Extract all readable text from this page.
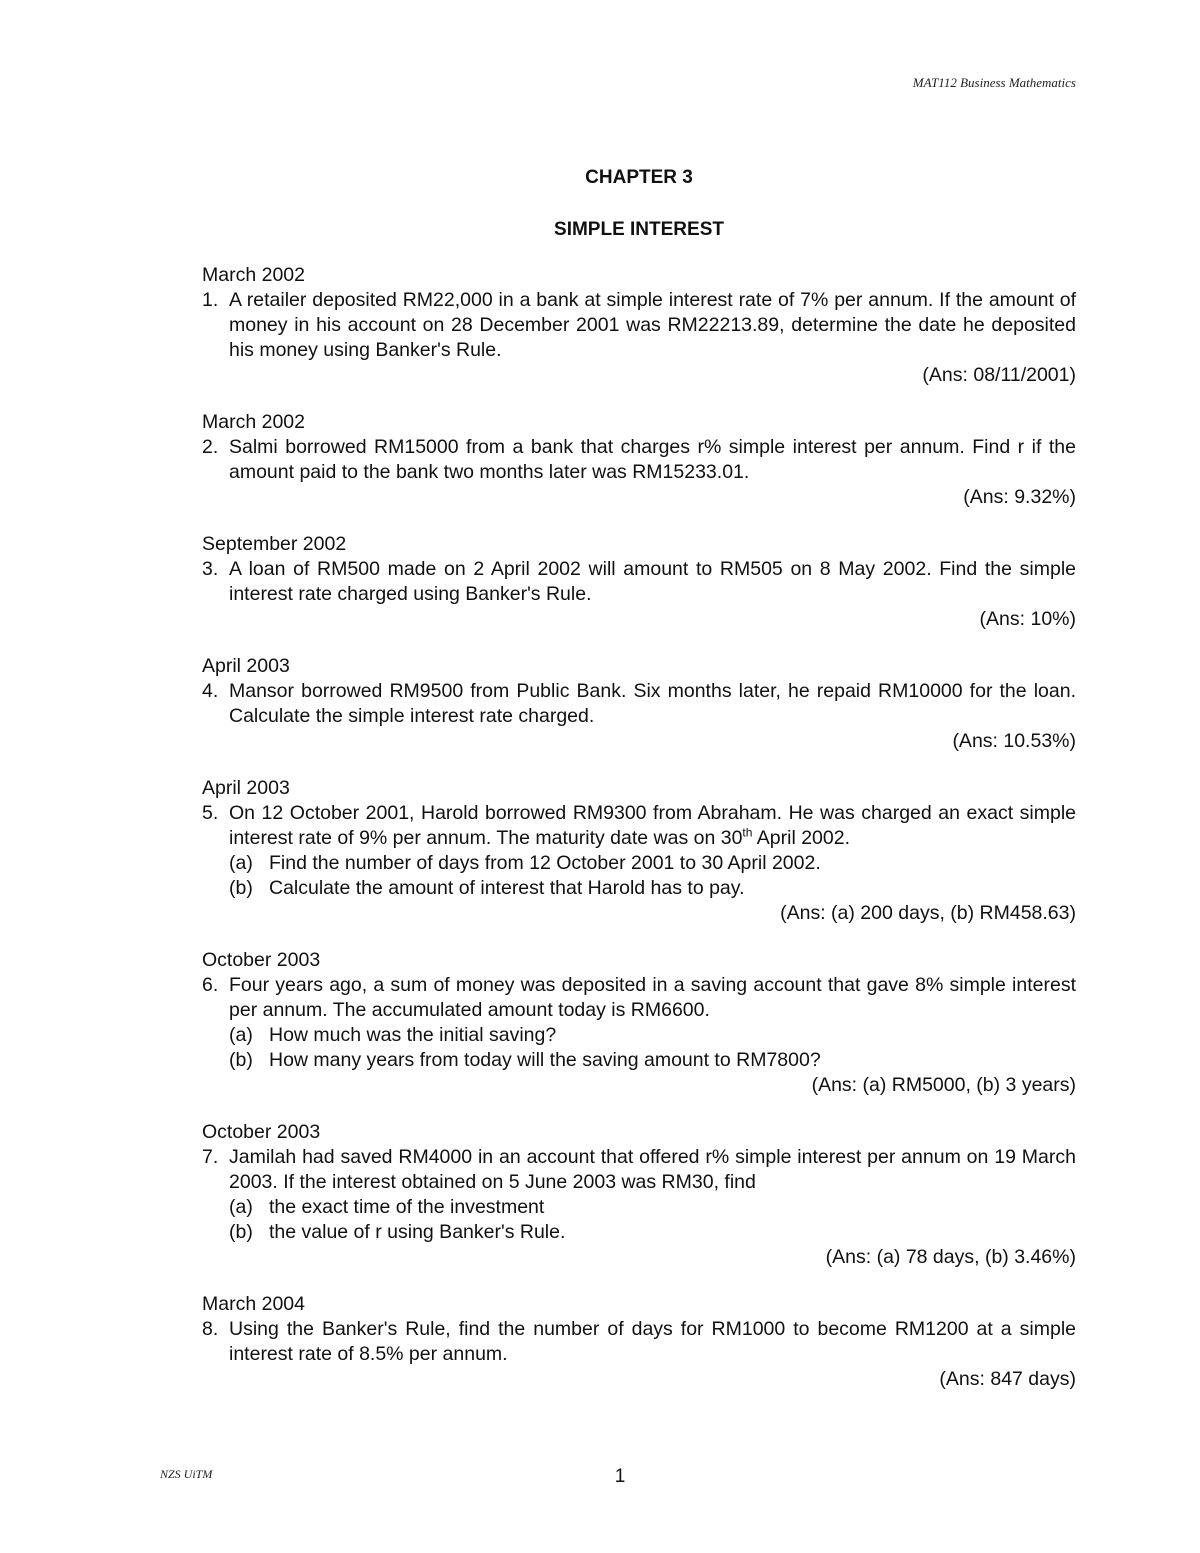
MAT112 Business Mathematics
CHAPTER 3
SIMPLE INTEREST
March 2002
1. A retailer deposited RM22,000 in a bank at simple interest rate of 7% per annum. If the amount of money in his account on 28 December 2001 was RM22213.89, determine the date he deposited his money using Banker's Rule.
(Ans: 08/11/2001)
March 2002
2. Salmi borrowed RM15000 from a bank that charges r% simple interest per annum. Find r if the amount paid to the bank two months later was RM15233.01.
(Ans: 9.32%)
September 2002
3. A loan of RM500 made on 2 April 2002 will amount to RM505 on 8 May 2002. Find the simple interest rate charged using Banker's Rule.
(Ans: 10%)
April 2003
4. Mansor borrowed RM9500 from Public Bank. Six months later, he repaid RM10000 for the loan. Calculate the simple interest rate charged.
(Ans: 10.53%)
April 2003
5. On 12 October 2001, Harold borrowed RM9300 from Abraham. He was charged an exact simple interest rate of 9% per annum. The maturity date was on 30th April 2002.
(a) Find the number of days from 12 October 2001 to 30 April 2002.
(b) Calculate the amount of interest that Harold has to pay.
(Ans: (a) 200 days, (b) RM458.63)
October 2003
6. Four years ago, a sum of money was deposited in a saving account that gave 8% simple interest per annum. The accumulated amount today is RM6600.
(a) How much was the initial saving?
(b) How many years from today will the saving amount to RM7800?
(Ans: (a) RM5000, (b) 3 years)
October 2003
7. Jamilah had saved RM4000 in an account that offered r% simple interest per annum on 19 March 2003. If the interest obtained on 5 June 2003 was RM30, find
(a) the exact time of the investment
(b) the value of r using Banker's Rule.
(Ans: (a) 78 days, (b) 3.46%)
March 2004
8. Using the Banker's Rule, find the number of days for RM1000 to become RM1200 at a simple interest rate of 8.5% per annum.
(Ans: 847 days)
NZS UiTM	1
